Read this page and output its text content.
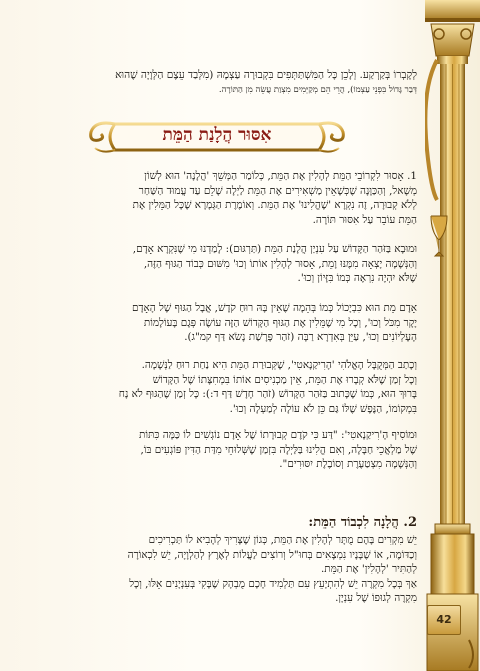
לְקָבְרוֹ בְּקַרְקַע. וְלָכֵן כָּל הַמִּשְׁתַּתְּפִים בִּקְבוּרָה עַצְמָהּ (מִלְּבַד עֵצֶם הַלְּוָיָה שֶׁהוּא
דְּבַר גָּדוֹל בִּפְנֵי עַצְמוֹ), הֲרֵי הֵם מְקַיְּמִים מִצְוַת עֲשֵׂה מִן הַתּוֹרָה.
1. אָסוּר לִקְרוֹבֵי הַמֵּת לְהָלִין אֶת הַמֵּת, כְּלוֹמַר הַמְּשֵׁךְ 'הֲלָנָה' הוּא לְשׁוֹן
מְשָׁאל, וְהַכַּוָּנָה שֶׁכְּשֶׁאֵין מַשְׁאִירִים אֶת הַמֵּת לַיְלָה שָׁלֵם עַד עֲמוּד הַשַּׁחַר
לְלֹא קְבוּרָה, זֶה נִקְרָא 'שֶׁהֱלִינוּ' אֶת הַמֵּת. וְאוֹמֶרֶת הַגְּמָרָא שֶׁכָּל הַמֵּלִין אֶת
הַמֵּת עוֹבֵר עַל אִסּוּר תּוֹרָה.
וּמוּבָא בַּזֹּהַר הַקָּדוֹשׁ עַל עִנְיַן הֲלָנַת הַמֵּת (תַּרְגּוּם): לָמַדְנוּ מִי שֶׁנִּקְרָא אָדָם,
וְהַנְּשָׁמָה יָצְאָה מִמֶּנּוּ וָמֵת, אָסוּר לְהָלִין אוֹתוֹ וְכוּ' מִשּׁוּם כְּבוֹד הַגּוּף הַזֶּה,
שֶׁלֹּא יִהְיֶה נִרְאֶה כְּמוֹ בִּזָּיוֹן וְכוּ'.
אָדָם מֵת הוּא כִּבְיָכוֹל כְּמוֹ בְּהֵמָה שֶׁאֵין בָּהּ רוּחַ קֹדֶשׁ, אֲבָל הַגּוּף שֶׁל הָאָדָם
יָקָר מִכֹּל וְכוּ', וְכָל מִי שֶׁמֵּלִין אֶת הַגּוּף הַקָּדוֹשׁ הַזֶּה עוֹשֶׂה פְּגָם בָּעוֹלָמוֹת
הָעֶלְיוֹנִים וְכוּ', עַיֵּן בְּאִדְרָא רַבָּה (זֹהַר פָּרָשַׁת נָשֹׂא דַּף קמ"ג).
וְכָתַב הַמְּקֻבָּל הָאֱלֹהִי 'הָרִיקַנָאטִי', שֶׁקְּבוּרַת הַמֵּת הִיא נַחַת רוּחַ לַנְּשָׁמָה.
וְכָל זְמַן שֶׁלֹּא קְבָרוּ אֶת הַמֵּת, אֵין מַכְנִיסִים אוֹתוֹ בִּמְחִצָּתוֹ שֶׁל הַקָּדוֹשׁ
בָּרוּךְ הוּא, כְּמוֹ שֶׁכָּתוּב בַּזֹּהַר הַקָּדוֹשׁ (זֹהַר חָדָשׁ דַּף ד:): כָּל זְמַן שֶׁהַגּוּף לֹא נָח
בִּמְקוֹמוֹ, הַנֶּפֶשׁ שֶׁלּוֹ גַּם כֵּן לֹא עוֹלָה לְמַעְלָה וְכוּ'.
וּמוֹסִיף הָ'רִיקַנָאטִי': "דַּע כִּי קֹדֶם קְבוּרָתוֹ שֶׁל אָדָם נוֹגְשִׁים לוֹ כַּמָּה כִּתּוֹת
שֶׁל מַלְאֲכֵי חַבָּלָה, וְאִם הֱלִינוּ בַּלַּיְלָה בִּזְמַן שֶׁשְּׁלוּחֵי מִדַּת הַדִּין פּוֹגְעִים בּוֹ,
וְהַנְּשָׁמָה מִצְטַעֶרֶת וְסוֹבֶלֶת יִסּוּרִים".
2. הֲלָנָה לִכְבוֹד הַמֵּת:
יֵשׁ מִקְרִים בָּהֶם מֻתָּר לְהָלִין אֶת הַמֵּת, כְּגוֹן שֶׁצָּרִיךְ לְהָבִיא לוֹ תַּכְרִיכִים
וְכַדּוֹמֶה, אוֹ שֶׁבָּנָיו נִמְצָאִים בְּחוּ"ל וְרוֹצִים לַעֲלוֹת לְאֶרֶץ לְהַלְוָיָה, יֵשׁ לִכְאוֹרָה
לְהַתִּיר 'לְהָלִין' אֶת הַמֵּת.
אַךְ בְּכָל מִקְרֶה יֵשׁ לְהִתְיָעֵץ עִם תַּלְמִיד חָכָם מֻבְהָק שֶׁבָּקִי בְּעִנְיָנִים אֵלּוּ, וְכָל
מִקְרֶה לְגוּפוֹ שֶׁל עִנְיָן.
אִסּוּר הֲלָנַת הַמֵּת
42
